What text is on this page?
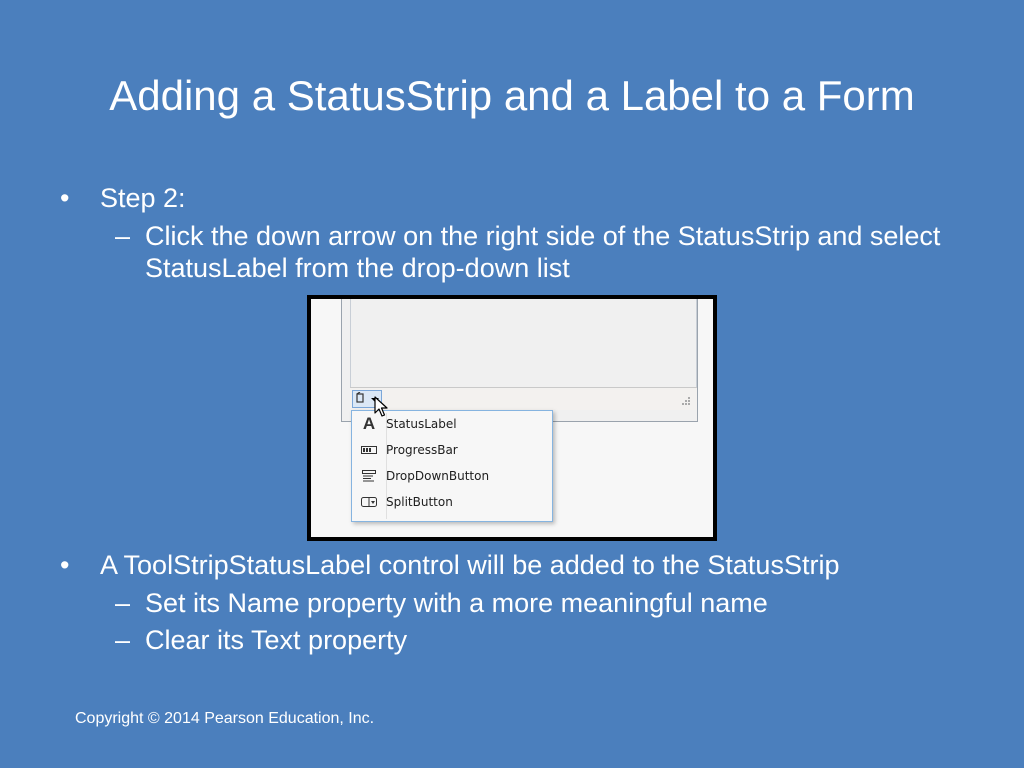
Adding a StatusStrip and a Label to a Form
•	Step 2:
– Click the down arrow on the right side of the StatusStrip and select StatusLabel from the drop-down list
A StatusLabel
ProgressBar
DropDownButton
SplitButton
•	A ToolStripStatusLabel control will be added to the StatusStrip
– Set its Name property with a more meaningful name
– Clear its Text property
Copyright © 2014 Pearson Education, Inc.
